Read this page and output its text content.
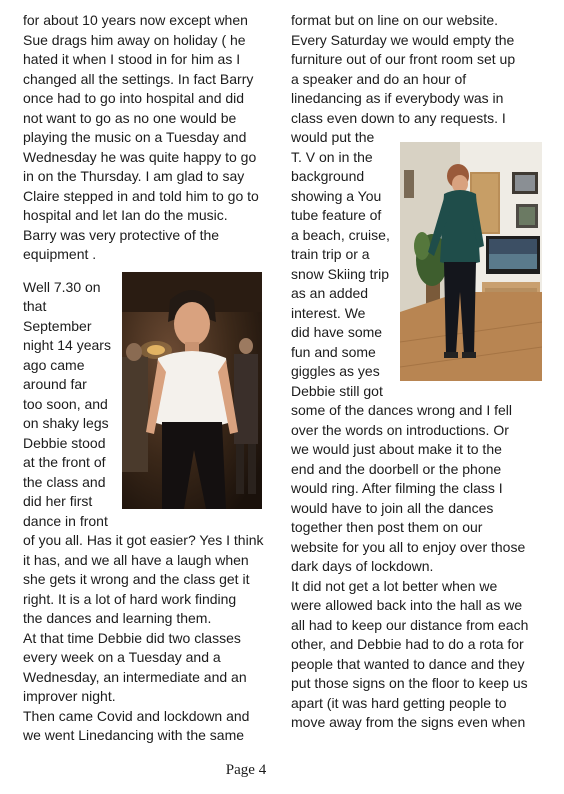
for about 10 years now except when
Sue drags him away on holiday ( he
hated it when I stood in for him as I
changed all the settings. In fact Barry
once had to go into hospital and did
not want to go as no one would be
playing the music on a Tuesday and
Wednesday he was quite happy to go
in on the Thursday. I am glad to say
Claire stepped in and told him to go to
hospital and let Ian do the music.
Barry was very protective of the
equipment .
Well 7.30 on
that
September
night 14 years
ago came
around far
too soon, and
on shaky legs
Debbie stood
at the front of
the class and
did her first
dance in front
of you all. Has it got easier? Yes I think
it has, and we all have a laugh when
she gets it wrong and the class get it
right. It is a lot of hard work finding
the dances and learning them.
At that time Debbie did two classes
every week on a Tuesday and a
Wednesday, an intermediate and an
improver night.
Then came Covid and lockdown and
we went Linedancing with the same
format but on line on our website.
Every Saturday we would empty the
furniture out of our front room set up
a speaker and do an hour of
linedancing as if everybody was in
class even down to any requests. I
would put the
T. V on in the
background
showing a You
tube feature of
a beach, cruise,
train trip or a
snow Skiing trip
as an added
interest. We
did have some
fun and some
giggles as yes
Debbie still got
some of the dances wrong and I fell
over the words on introductions. Or
we would just about make it to the
end and the doorbell or the phone
would ring. After filming the class I
would have to join all the dances
together then post them on our
website for you all to enjoy over those
dark days of lockdown.
It did not get a lot better when we
were allowed back into the hall as we
all had to keep our distance from each
other, and Debbie had to do a rota for
people that wanted to dance and they
put those signs on the floor to keep us
apart (it was hard getting people to
move away from the signs even when
Page 4
